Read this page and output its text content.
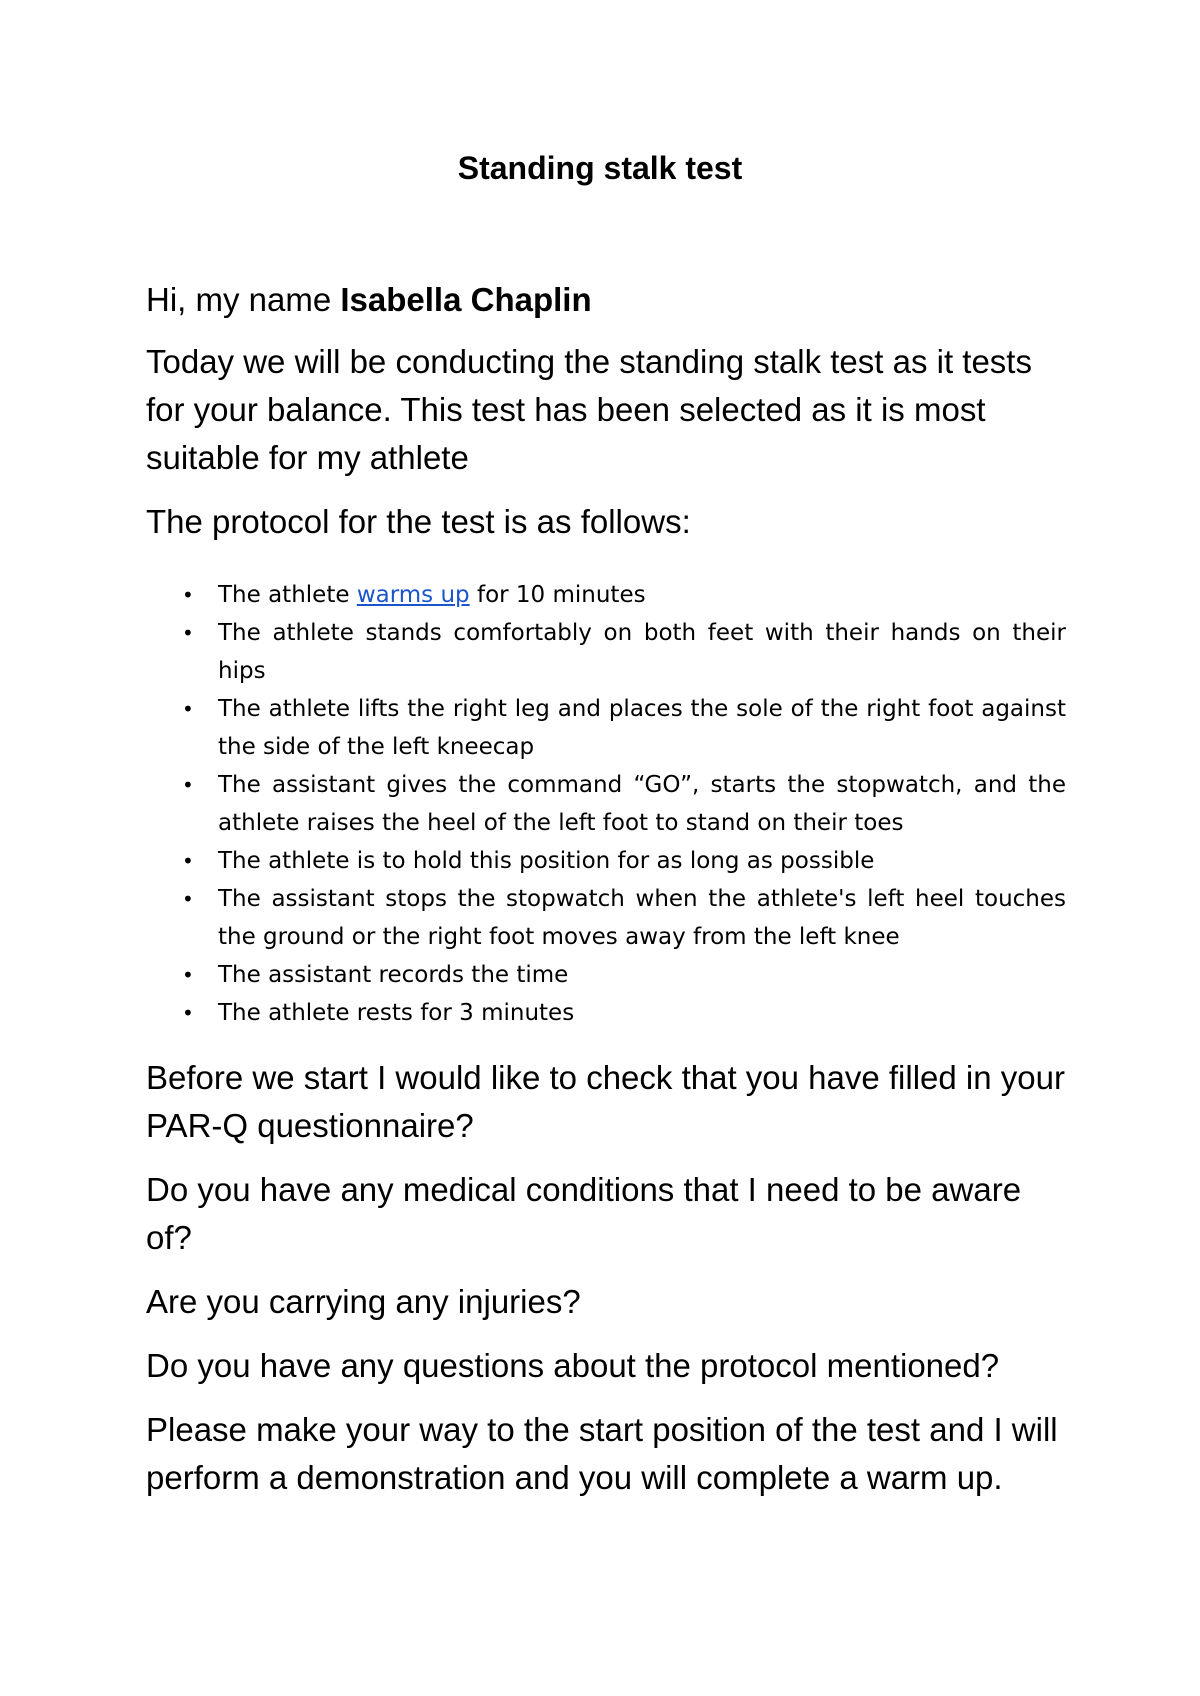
Standing stalk test

Hi, my name Isabella Chaplin

Today we will be conducting the standing stalk test as it tests for your balance. This test has been selected as it is most suitable for my athlete

The protocol for the test is as follows:

• The athlete warms up for 10 minutes
• The athlete stands comfortably on both feet with their hands on their hips
• The athlete lifts the right leg and places the sole of the right foot against the side of the left kneecap
• The assistant gives the command “GO”, starts the stopwatch, and the athlete raises the heel of the left foot to stand on their toes
• The athlete is to hold this position for as long as possible
• The assistant stops the stopwatch when the athlete's left heel touches the ground or the right foot moves away from the left knee
• The assistant records the time
• The athlete rests for 3 minutes

Before we start I would like to check that you have filled in your PAR-Q questionnaire?

Do you have any medical conditions that I need to be aware of?

Are you carrying any injuries?

Do you have any questions about the protocol mentioned?

Please make your way to the start position of the test and I will perform a demonstration and you will complete a warm up.
